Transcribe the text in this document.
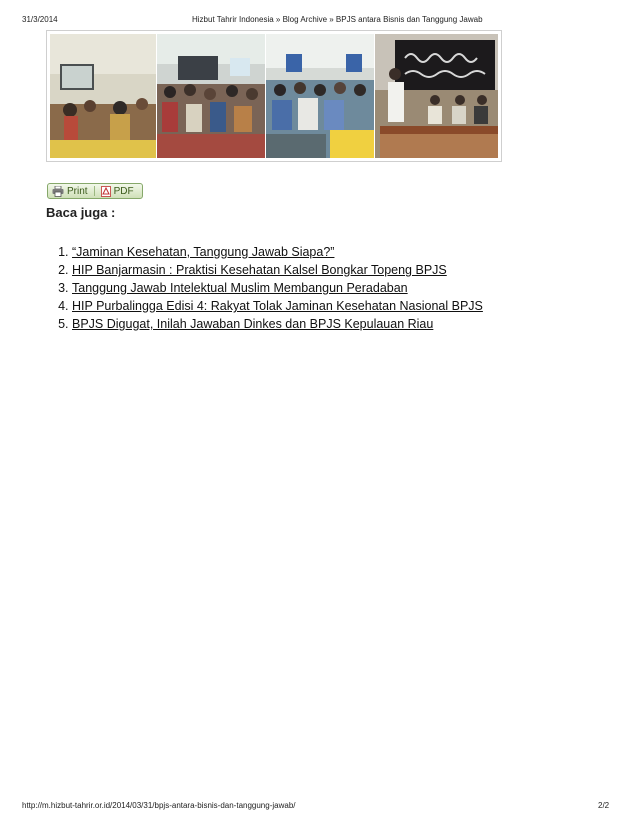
31/3/2014	Hizbut Tahrir Indonesia » Blog Archive » BPJS antara Bisnis dan Tanggung Jawab
Print	PDF
Baca juga :
1. “Jaminan Kesehatan, Tanggung Jawab Siapa?”
2. HIP Banjarmasin : Praktisi Kesehatan Kalsel Bongkar Topeng BPJS
3. Tanggung Jawab Intelektual Muslim Membangun Peradaban
4. HIP Purbalingga Edisi 4: Rakyat Tolak Jaminan Kesehatan Nasional BPJS
5. BPJS Digugat, Inilah Jawaban Dinkes dan BPJS Kepulauan Riau
http://m.hizbut-tahrir.or.id/2014/03/31/bpjs-antara-bisnis-dan-tanggung-jawab/	2/2
